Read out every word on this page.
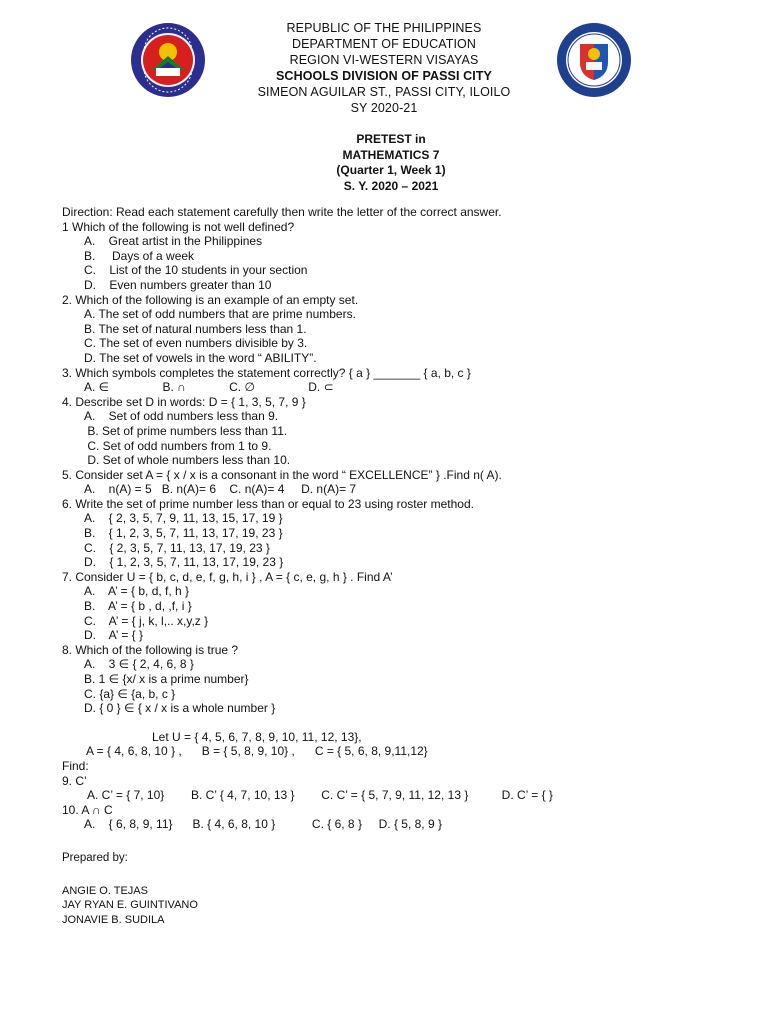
REPUBLIC OF THE PHILIPPINES
DEPARTMENT OF EDUCATION
REGION VI-WESTERN VISAYAS
SCHOOLS DIVISION OF PASSI CITY
SIMEON AGUILAR ST., PASSI CITY, ILOILO
SY 2020-21
PRETEST in
MATHEMATICS 7
(Quarter 1, Week 1)
S. Y. 2020 – 2021
Direction: Read each statement carefully then write the letter of the correct answer.
1 Which of the following is not well defined?
A.    Great artist in the Philippines
B.     Days of a week
C.    List of the 10 students in your section
D.    Even numbers greater than 10
2. Which of the following is an example of an empty set.
A. The set of odd numbers that are prime numbers.
B. The set of natural numbers less than 1.
C. The set of even numbers divisible by 3.
D. The set of vowels in the word “ ABILITY”.
3. Which symbols completes the statement correctly? { a } _______ { a, b, c }
A. ∈                B. ∩             C. ∅                D. ⊂
4. Describe set D in words: D = { 1, 3, 5, 7, 9 }
A.    Set of odd numbers less than 9.
B. Set of prime numbers less than 11.
C. Set of odd numbers from 1 to 9.
D. Set of whole numbers less than 10.
5. Consider set A = { x / x is a consonant in the word “ EXCELLENCE” } .Find n( A).
A.    n(A) = 5   B. n(A)= 6    C. n(A)= 4     D. n(A)= 7
6. Write the set of prime number less than or equal to 23 using roster method.
A.    { 2, 3, 5, 7, 9, 11, 13, 15, 17, 19 }
B.    { 1, 2, 3, 5, 7, 11, 13, 17, 19, 23 }
C.    { 2, 3, 5, 7, 11, 13, 17, 19, 23 }
D.    { 1, 2, 3, 5, 7, 11, 13, 17, 19, 23 }
7. Consider U = { b, c, d, e, f, g, h, i } , A = { c, e, g, h } . Find A’
A.    A’ = { b, d, f, h }
B.    A’ = { b , d, ,f, i }
C.    A’ = { j, k, l,.. x,y,z }
D.    A’ = { }
8. Which of the following is true ?
A.    3 ∈ { 2, 4, 6, 8 }
B. 1 ∈ {x/ x is a prime number}
C. {a} ∈ {a, b, c }
D. { 0 } ∈ { x / x is a whole number }
Let U = { 4, 5, 6, 7, 8, 9, 10, 11, 12, 13},
A = { 4, 6, 8, 10 } ,      B = { 5, 8, 9, 10} ,      C = { 5, 6, 8, 9,11,12}
Find:
9. C’
A. C’ = { 7, 10}        B. C’ { 4, 7, 10, 13 }        C. C’ = { 5, 7, 9, 11, 12, 13 }          D. C’ = { }
10. A ∩ C
A.    { 6, 8, 9, 11}      B. { 4, 6, 8, 10 }           C. { 6, 8 }     D. { 5, 8, 9 }
Prepared by:
ANGIE O. TEJAS
JAY RYAN E. GUINTIVANO
JONAVIE B. SUDILA
